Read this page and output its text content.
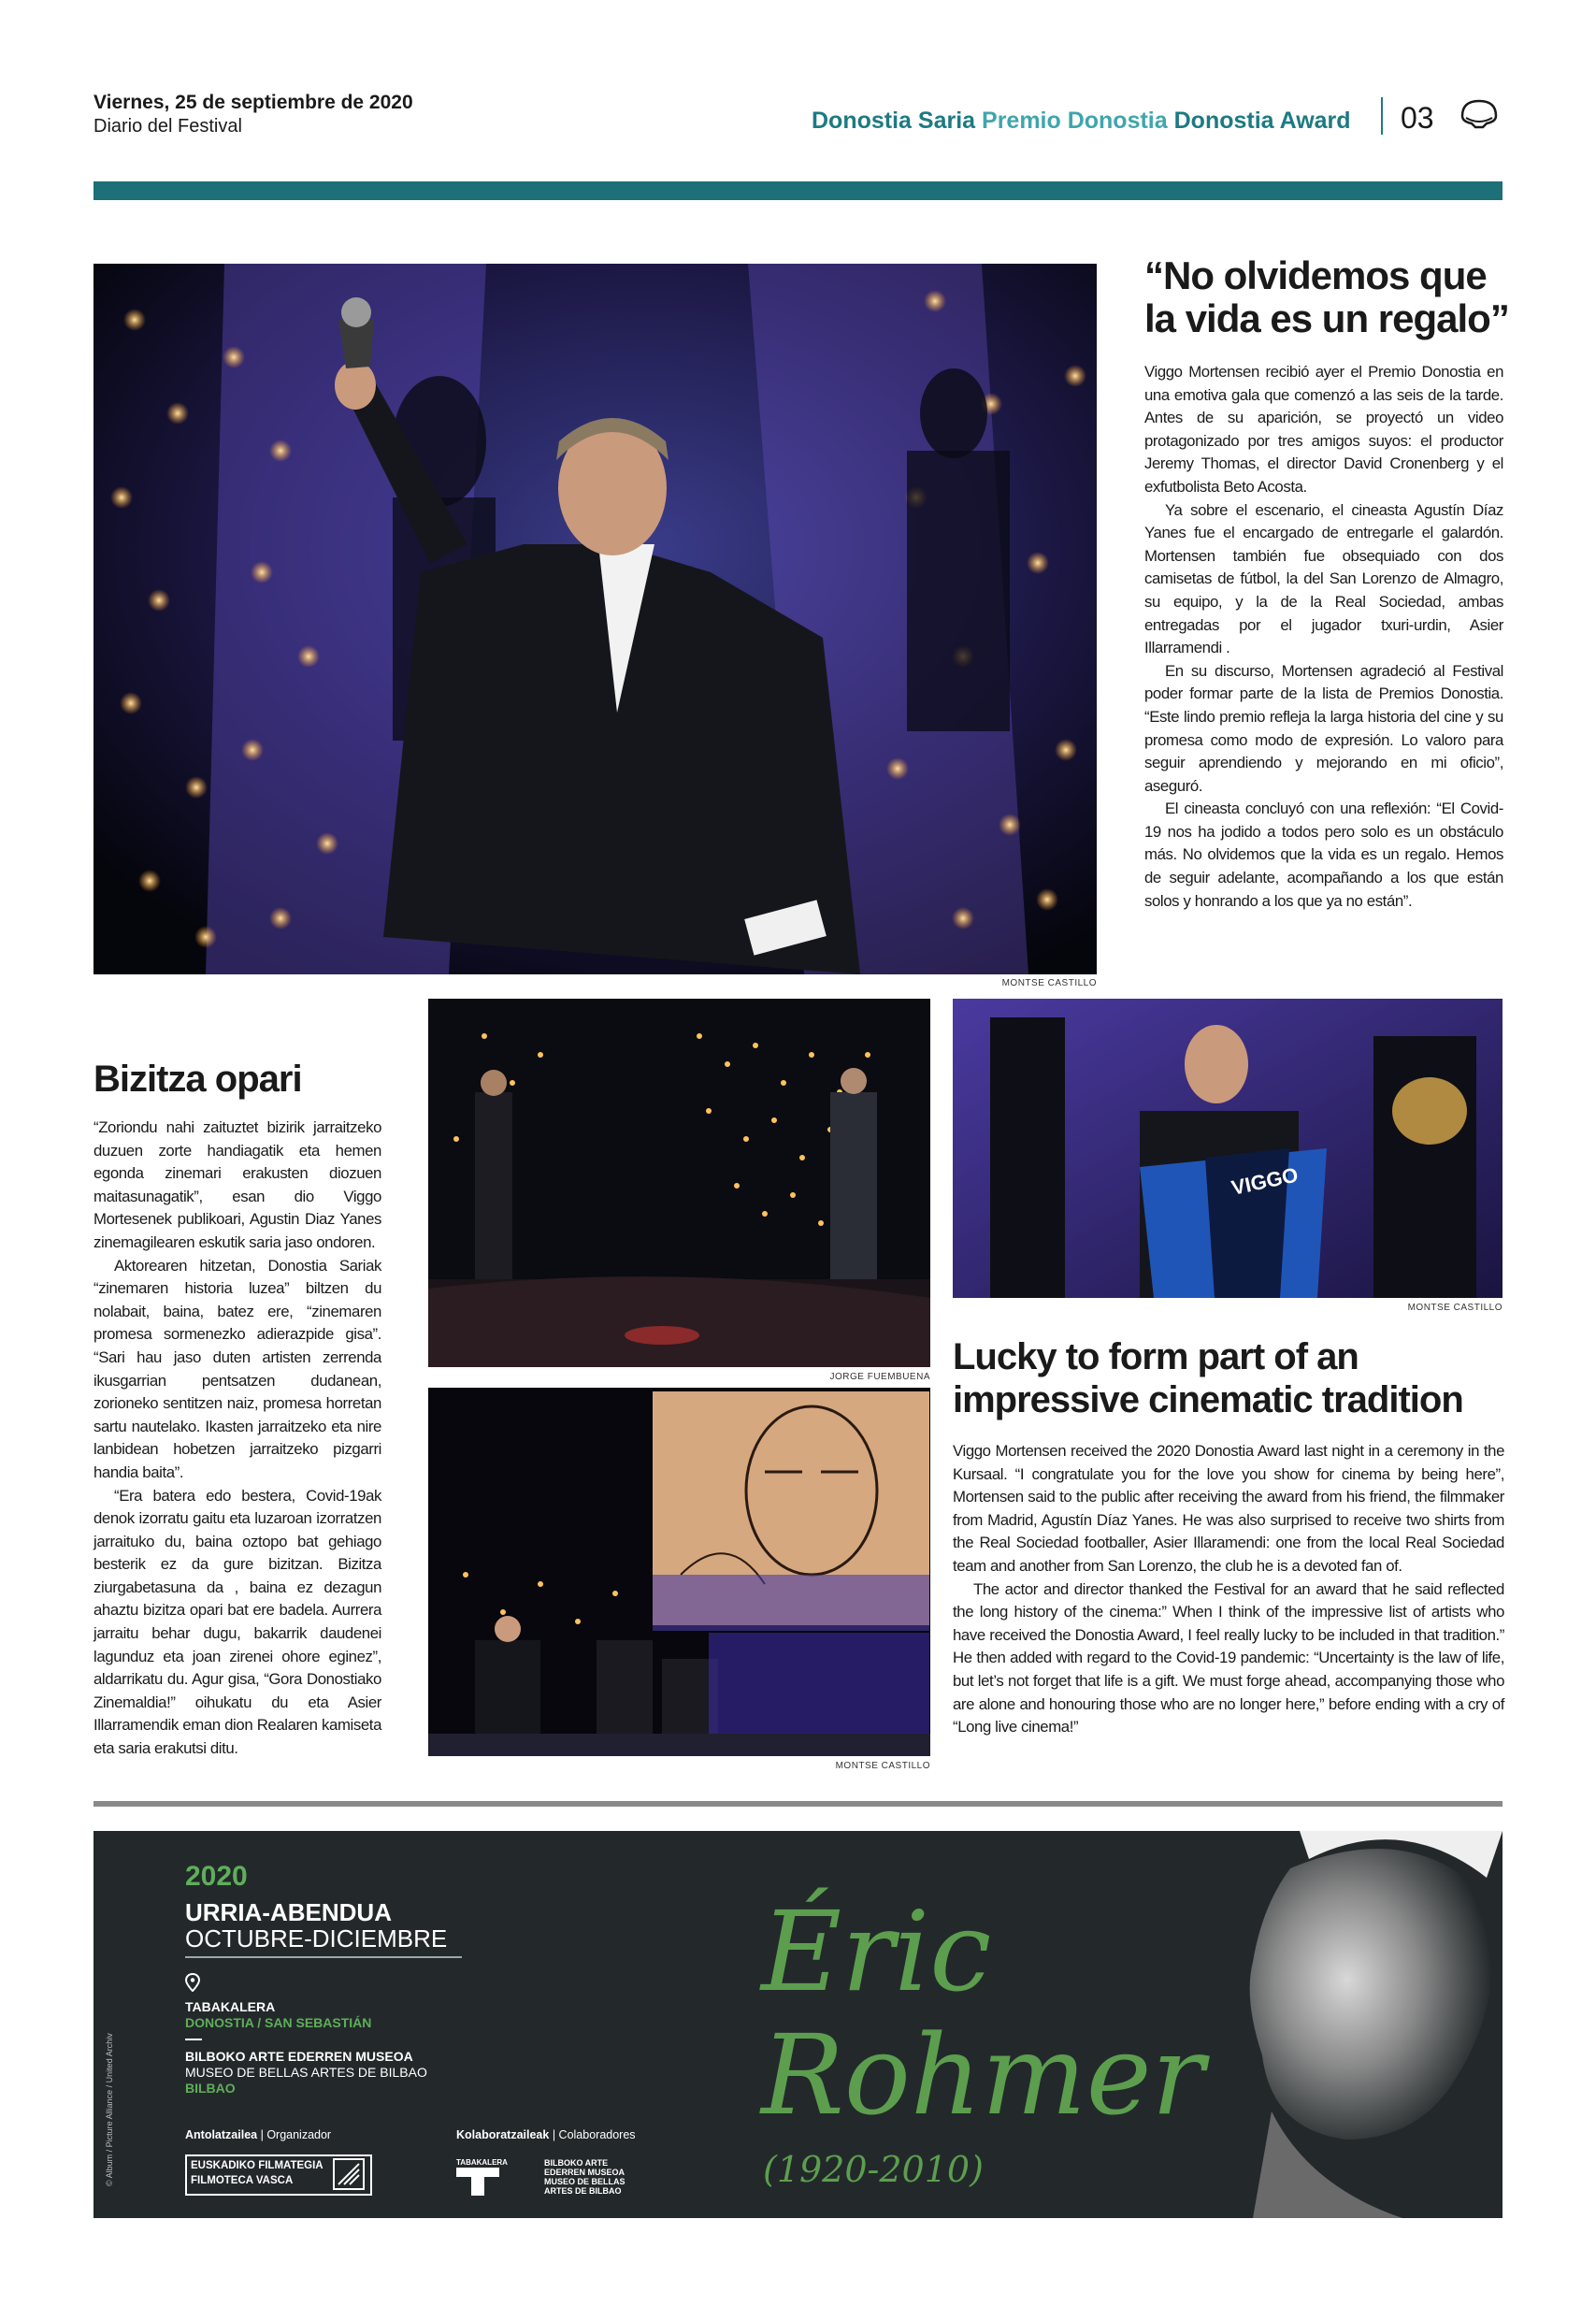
Viernes, 25 de septiembre de 2020
Diario del Festival	Donostia Saria Premio Donostia Donostia Award 03
MONTSE CASTILLO
“No olvidemos que la vida es un regalo”

Viggo Mortensen recibió ayer el Premio Donostia en una emotiva gala que comenzó a las seis de la tarde. Antes de su aparición, se proyectó un video protagonizado por tres amigos suyos: el productor Jeremy Thomas, el director David Cronenberg y el exfutbolista Beto Acosta.

Ya sobre el escenario, el cineasta Agustín Díaz Yanes fue el encargado de entregarle el galardón. Mortensen también fue obsequiado con dos camisetas de fútbol, la del San Lorenzo de Almagro, su equipo, y la de la Real Sociedad, ambas entregadas por el jugador txuri-urdin, Asier Illarramendi .

En su discurso, Mortensen agradeció al Festival poder formar parte de la lista de Premios Donostia. “Este lindo premio refleja la larga historia del cine y su promesa como modo de expresión. Lo valoro para seguir aprendiendo y mejorando en mi oficio”, aseguró.

El cineasta concluyó con una reflexión: “El Covid-19 nos ha jodido a todos pero solo es un obstáculo más. No olvidemos que la vida es un regalo. Hemos de seguir adelante, acompañando a los que están solos y honrando a los que ya no están”.

Bizitza opari

“Zoriondu nahi zaituztet bizirik jarraitzeko duzuen zorte handiagatik eta hemen egonda zinemari erakusten diozuen maitasunagatik”, esan dio Viggo Mortesenek publikoari, Agustin Diaz Yanes zinemagilearen eskutik saria jaso ondoren.

Aktorearen hitzetan, Donostia Sariak “zinemaren historia luzea” biltzen du nolabait, baina, batez ere, “zinemaren promesa sormenezko adierazpide gisa”. “Sari hau jaso duten artisten zerrenda ikusgarrian pentsatzen dudanean, zorioneko sentitzen naiz, promesa horretan sartu nautelako. Ikasten jarraitzeko eta nire lanbidean hobetzen jarraitzeko pizgarri handia baita”.

“Era batera edo bestera, Covid-19ak denok izorratu gaitu eta luzaroan izorratzen jarraituko du, baina oztopo bat gehiago besterik ez da gure bizitzan. Bizitza ziurgabetasuna da , baina ez dezagun ahaztu bizitza opari bat ere badela. Aurrera jarraitu behar dugu, bakarrik daudenei lagunduz eta joan zirenei ohore eginez”, aldarrikatu du. Agur gisa, “Gora Donostiako Zinemaldia!” oihukatu du eta Asier Illarramendik eman dion Realaren kamiseta eta saria erakutsi ditu.

JORGE FUEMBUENA
VIGGO
MONTSE CASTILLO
MONTSE CASTILLO
Lucky to form part of an impressive cinematic tradition

Viggo Mortensen received the 2020 Donostia Award last night in a ceremony in the Kursaal. “I congratulate you for the love you show for cinema by being here”, Mortensen said to the public after receiving the award from his friend, the filmmaker from Madrid, Agustín Díaz Yanes. He was also surprised to receive two shirts from the Real Sociedad footballer, Asier Illaramendi: one from the local Real Sociedad team and another from San Lorenzo, the club he is a devoted fan of.

The actor and director thanked the Festival for an award that he said reflected the long history of the cinema:” When I think of the impressive list of artists who have received the Donostia Award, I feel really lucky to be included in that tradition.” He then added with regard to the Covid-19 pandemic: “Uncertainty is the law of life, but let’s not forget that life is a gift. We must forge ahead, accompanying those who are alone and honouring those who are no longer here,” before ending with a cry of “Long live cinema!”

2020
URRIA-ABENDUA
OCTUBRE-DICIEMBRE
TABAKALERA
DONOSTIA / SAN SEBASTIÁN
BILBOKO ARTE EDERREN MUSEOA
MUSEO DE BELLAS ARTES DE BILBAO
BILBAO
Antolatzailea | Organizador	Kolaboratzaileak | Colaboradores
EUSKADIKO FILMATEGIA
FILMOTECA VASCA
TABAKALERA	BILBOKO ARTE EDERREN MUSEOA MUSEO DE BELLAS ARTES DE BILBAO
Éric
Rohmer
(1920-2010)
© Album / Picture Alliance / United Archiv
